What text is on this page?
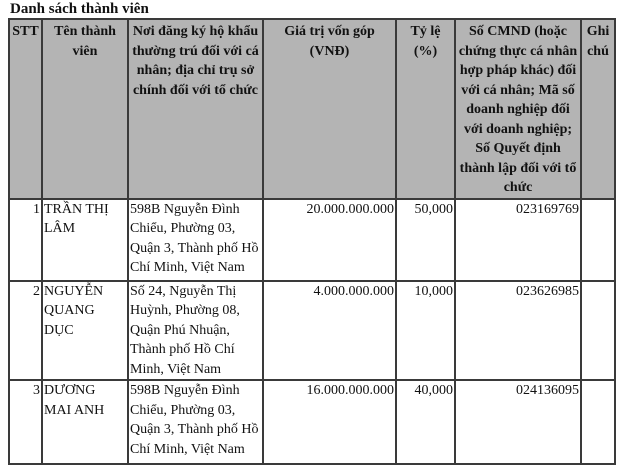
Danh sách thành viên
STT	Tên thành viên	Nơi đăng ký hộ khẩu thường trú đối với cá nhân; địa chỉ trụ sở chính đối với tổ chức	Giá trị vốn góp (VNĐ)	Tỷ lệ (%)	Số CMND (hoặc chứng thực cá nhân hợp pháp khác) đối với cá nhân; Mã số doanh nghiệp đối với doanh nghiệp; Số Quyết định thành lập đối với tổ chức	Ghi chú
1	TRẦN THỊ LÂM	598B Nguyễn Đình Chiểu, Phường 03, Quận 3, Thành phố Hồ Chí Minh, Việt Nam	20.000.000.000	50,000	023169769	
2	NGUYỄN QUANG DỤC	Số 24, Nguyễn Thị Huỳnh, Phường 08, Quận Phú Nhuận, Thành phố Hồ Chí Minh, Việt Nam	4.000.000.000	10,000	023626985	
3	DƯƠNG MAI ANH	598B Nguyễn Đình Chiểu, Phường 03, Quận 3, Thành phố Hồ Chí Minh, Việt Nam	16.000.000.000	40,000	024136095	
